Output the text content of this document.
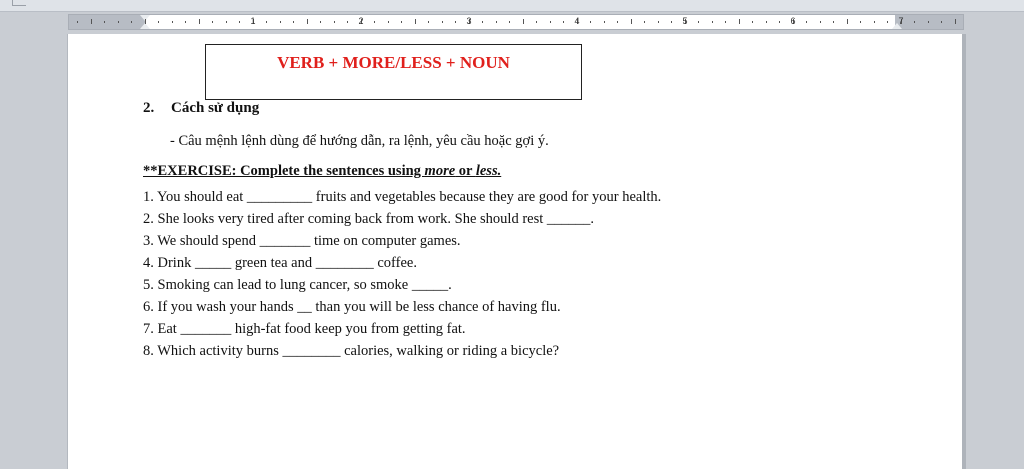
1	2	3	4	5	6	7
VERB + MORE/LESS + NOUN
2. Cách sử dụng
- Câu mệnh lệnh dùng để hướng dẫn, ra lệnh, yêu cầu hoặc gợi ý.
**EXERCISE: Complete the sentences using more or less.
1. You should eat _________ fruits and vegetables because they are good for your health.
2. She looks very tired after coming back from work. She should rest ______.
3. We should spend _______ time on computer games.
4. Drink _____ green tea and ________ coffee.
5. Smoking can lead to lung cancer, so smoke _____.
6. If you wash your hands __ than you will be less chance of having flu.
7. Eat _______ high-fat food keep you from getting fat.
8. Which activity burns ________ calories, walking or riding a bicycle?
